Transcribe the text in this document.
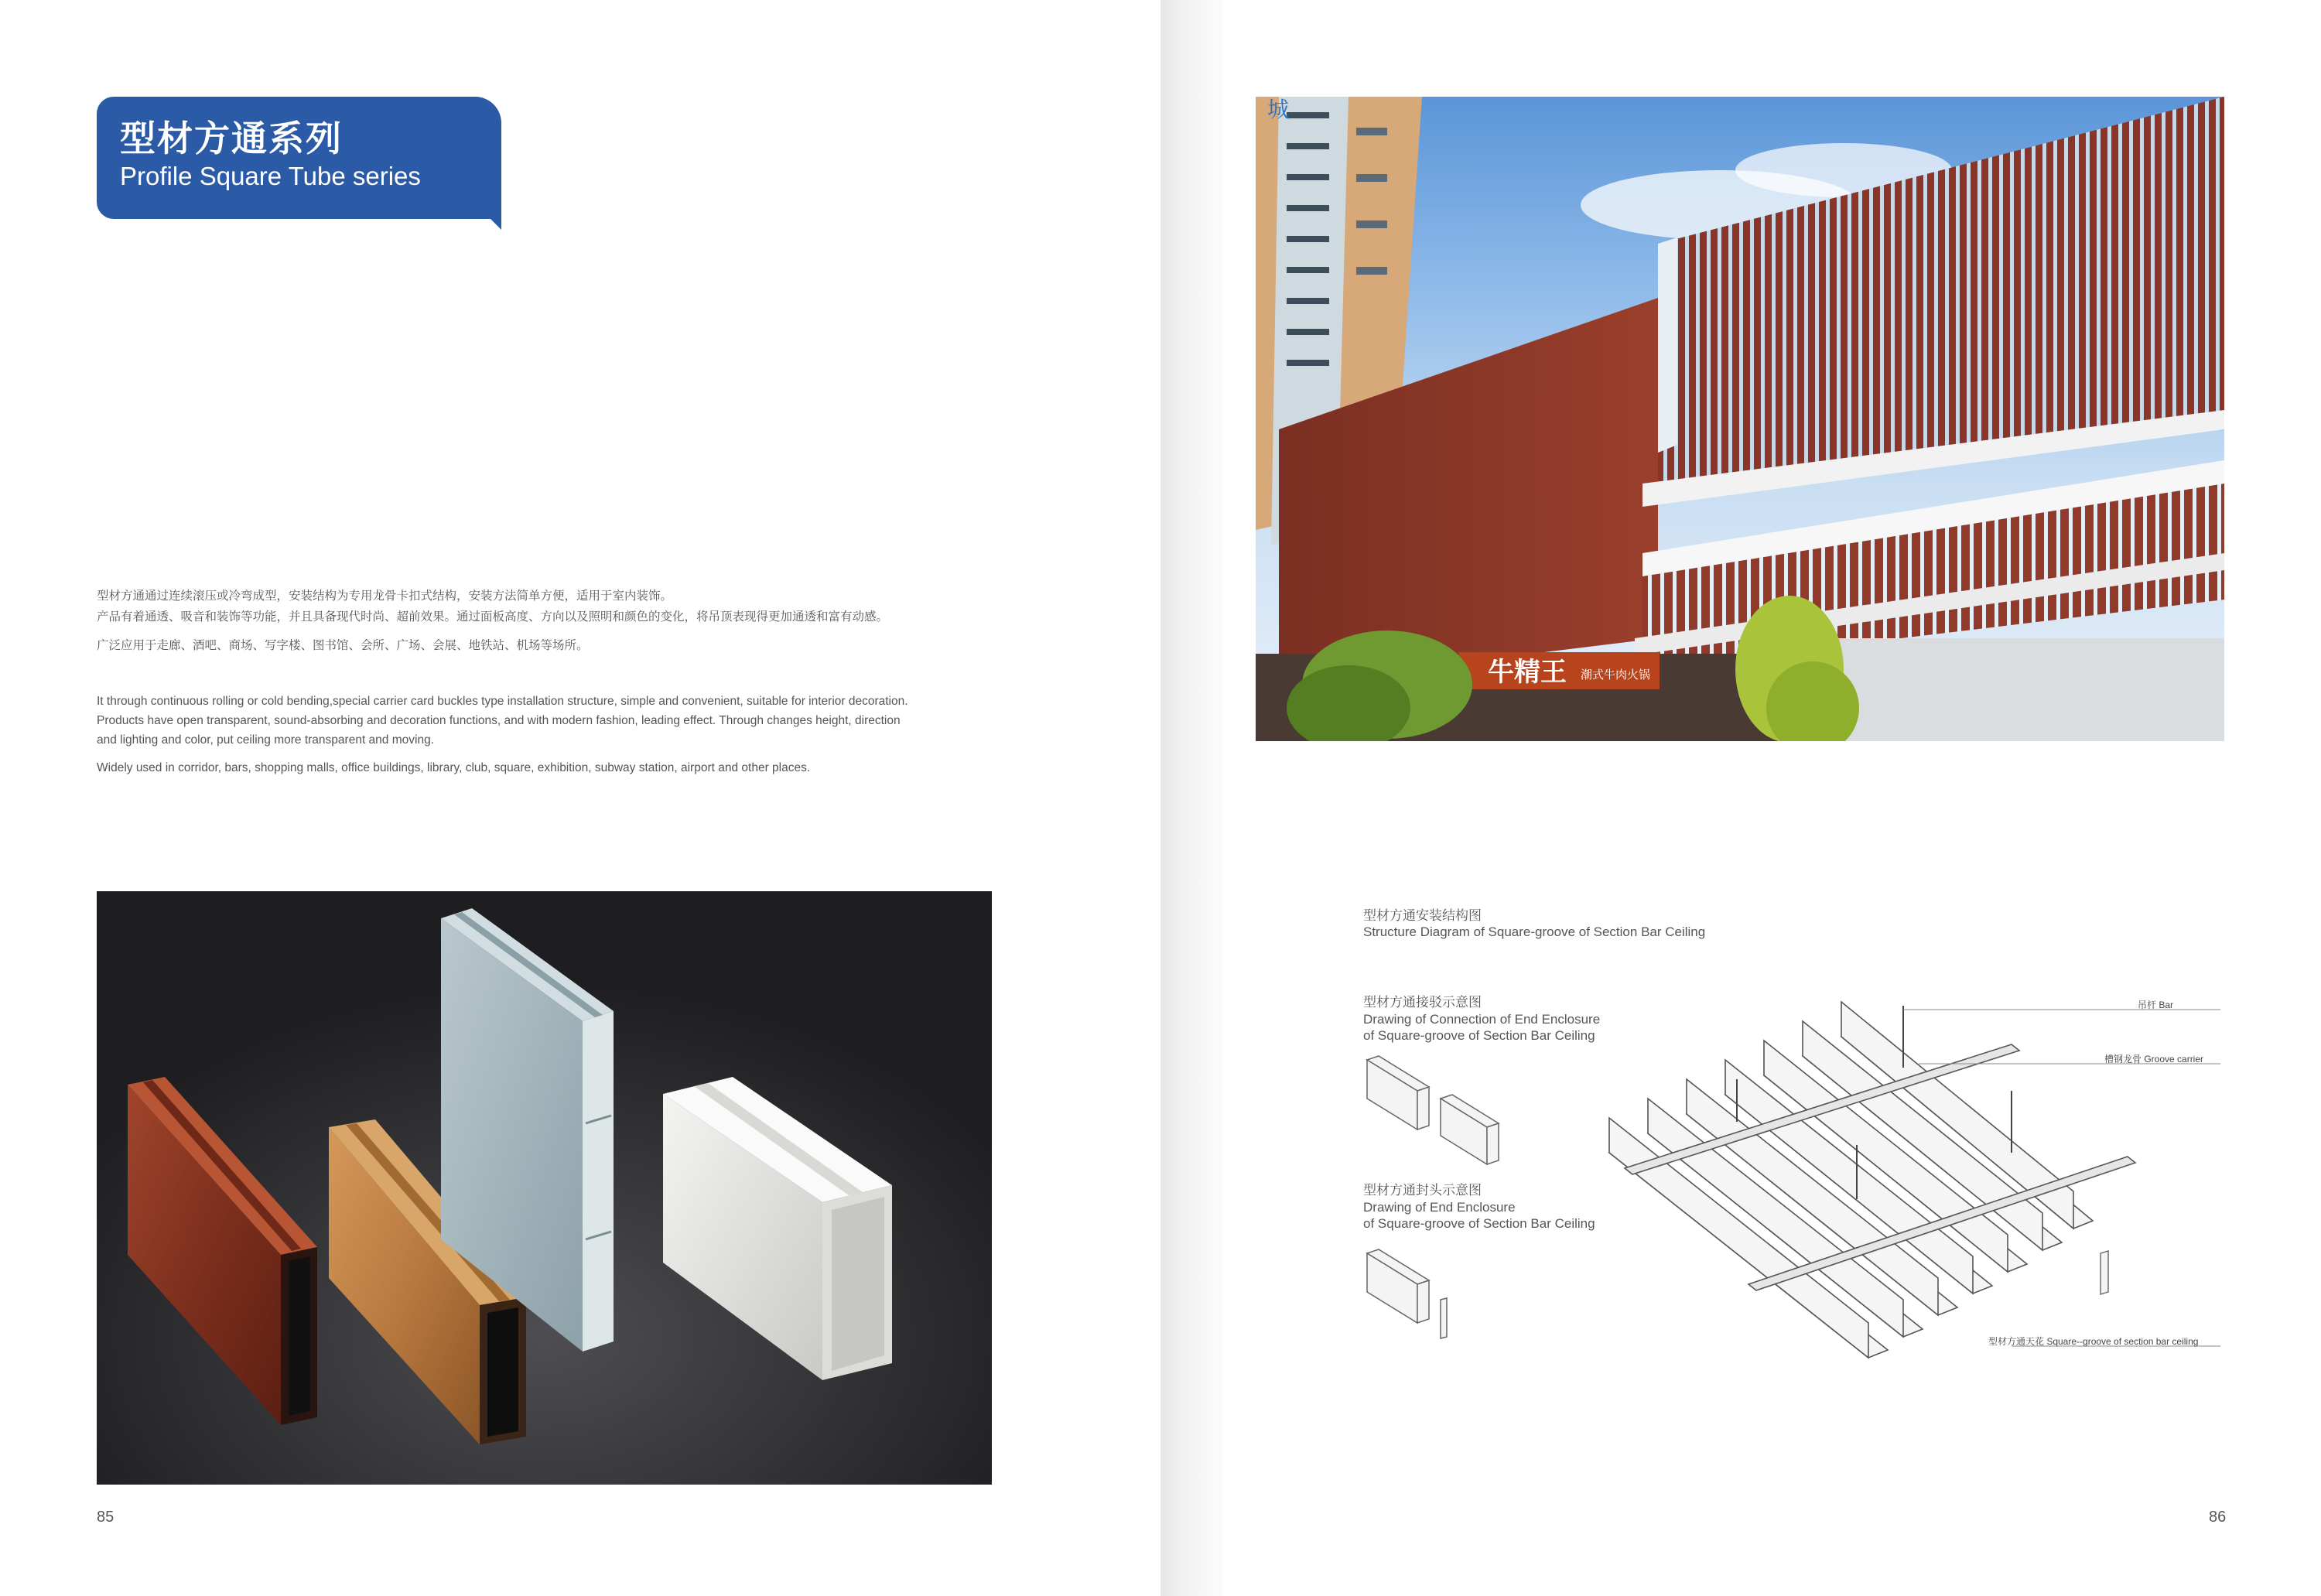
型材方通系列
Profile Square Tube series
型材方通通过连续滚压或冷弯成型，安装结构为专用龙骨卡扣式结构，安装方法简单方便，适用于室内装饰。
产品有着通透、吸音和装饰等功能，并且具备现代时尚、超前效果。通过面板高度、方向以及照明和颜色的变化，将吊顶表现得更加通透和富有动感。
广泛应用于走廊、酒吧、商场、写字楼、图书馆、会所、广场、会展、地铁站、机场等场所。
It through continuous rolling or cold bending,special carrier card buckles type installation structure, simple and convenient, suitable for interior decoration.
Products have open transparent, sound-absorbing and decoration functions, and with modern fashion, leading effect. Through changes height, direction
and lighting and color, put ceiling more transparent and moving.
Widely used in corridor, bars, shopping malls, office buildings, library, club, square, exhibition, subway station, airport and other places.
85
城
牛精王 潮式牛肉火锅
型材方通安装结构图
Structure Diagram of Square-groove of Section Bar Ceiling
型材方通接驳示意图
Drawing of Connection of End Enclosure
of Square-groove of Section Bar Ceiling
型材方通封头示意图
Drawing of End Enclosure
of Square-groove of Section Bar Ceiling
吊杆 Bar
槽钢龙骨 Groove carrier
型材方通天花 Square--groove of section bar ceiling
86
